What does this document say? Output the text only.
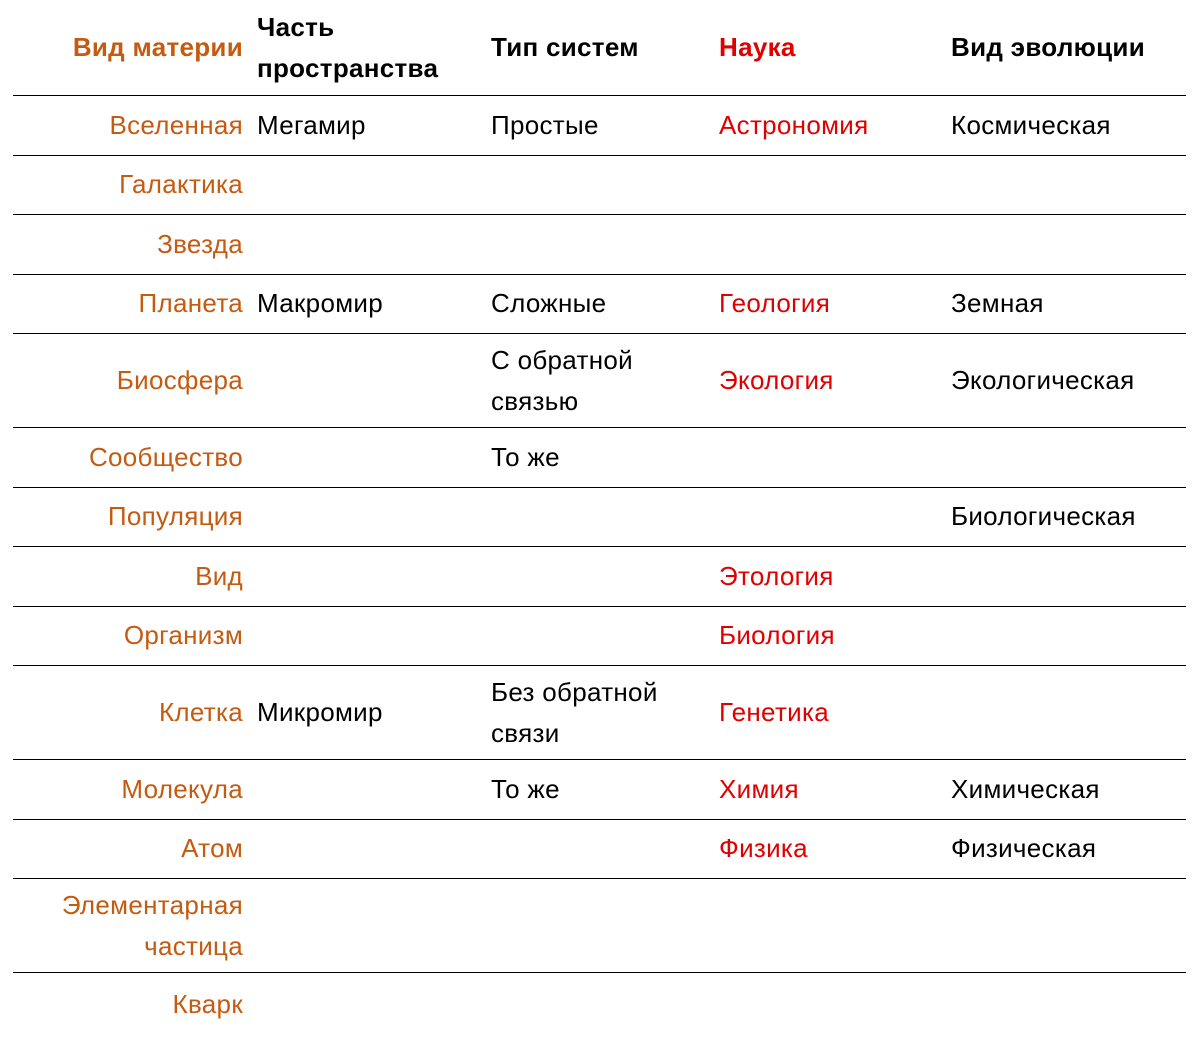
Вид материи	Часть пространства	Тип систем	Наука	Вид эволюции
Вселенная	Мегамир	Простые	Астрономия	Космическая
Галактика				
Звезда				
Планета	Макромир	Сложные	Геология	Земная
Биосфера		С обратной связью	Экология	Экологическая
Сообщество		То же		
Популяция				Биологическая
Вид			Этология	
Организм			Биология	
Клетка	Микромир	Без обратной связи	Генетика	
Молекула		То же	Химия	Химическая
Атом			Физика	Физическая
Элементарная частица				
Кварк				
